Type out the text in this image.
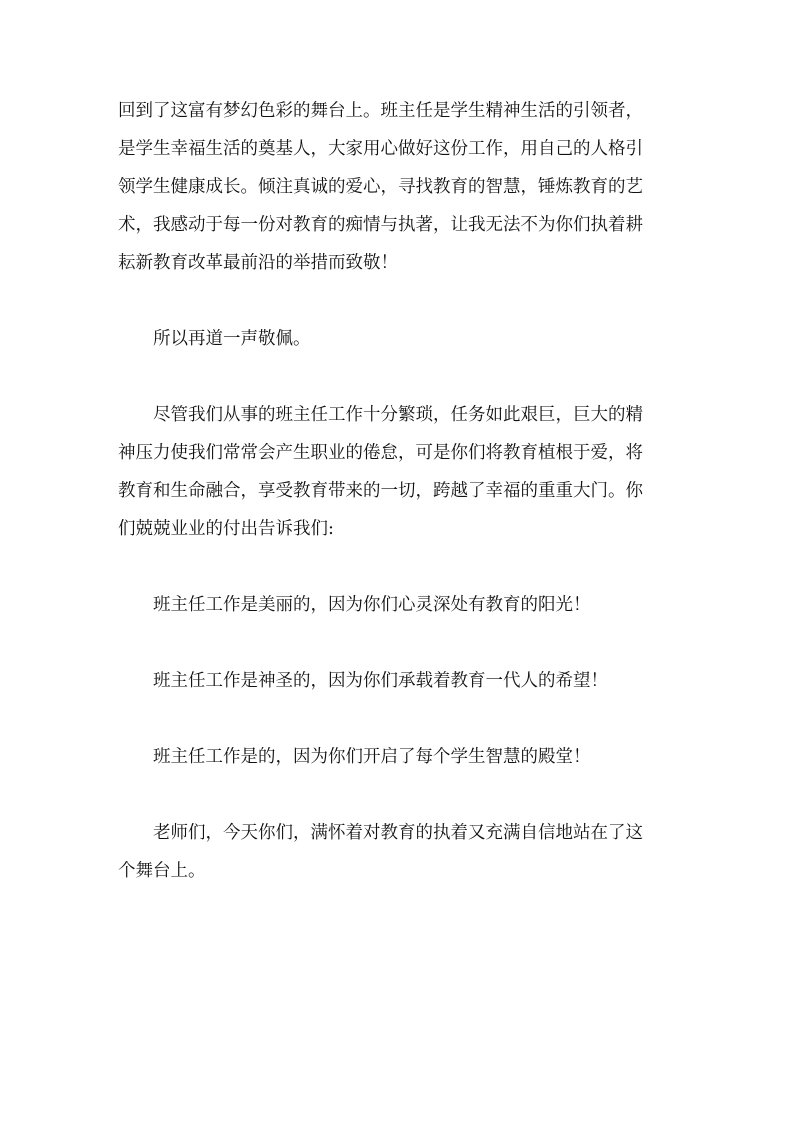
回到了这富有梦幻色彩的舞台上。班主任是学生精神生活的引领者，
是学生幸福生活的奠基人，大家用心做好这份工作，用自己的人格引
领学生健康成长。倾注真诚的爱心，寻找教育的智慧，锤炼教育的艺
术，我感动于每一份对教育的痴情与执著，让我无法不为你们执着耕
耘新教育改革最前沿的举措而致敬！
所以再道一声敬佩。
尽管我们从事的班主任工作十分繁琐，任务如此艰巨，巨大的精
神压力使我们常常会产生职业的倦怠，可是你们将教育植根于爱，将
教育和生命融合，享受教育带来的一切，跨越了幸福的重重大门。你
们兢兢业业的付出告诉我们:
班主任工作是美丽的，因为你们心灵深处有教育的阳光！
班主任工作是神圣的，因为你们承载着教育一代人的希望！
班主任工作是的，因为你们开启了每个学生智慧的殿堂！
老师们，今天你们，满怀着对教育的执着又充满自信地站在了这
个舞台上。
